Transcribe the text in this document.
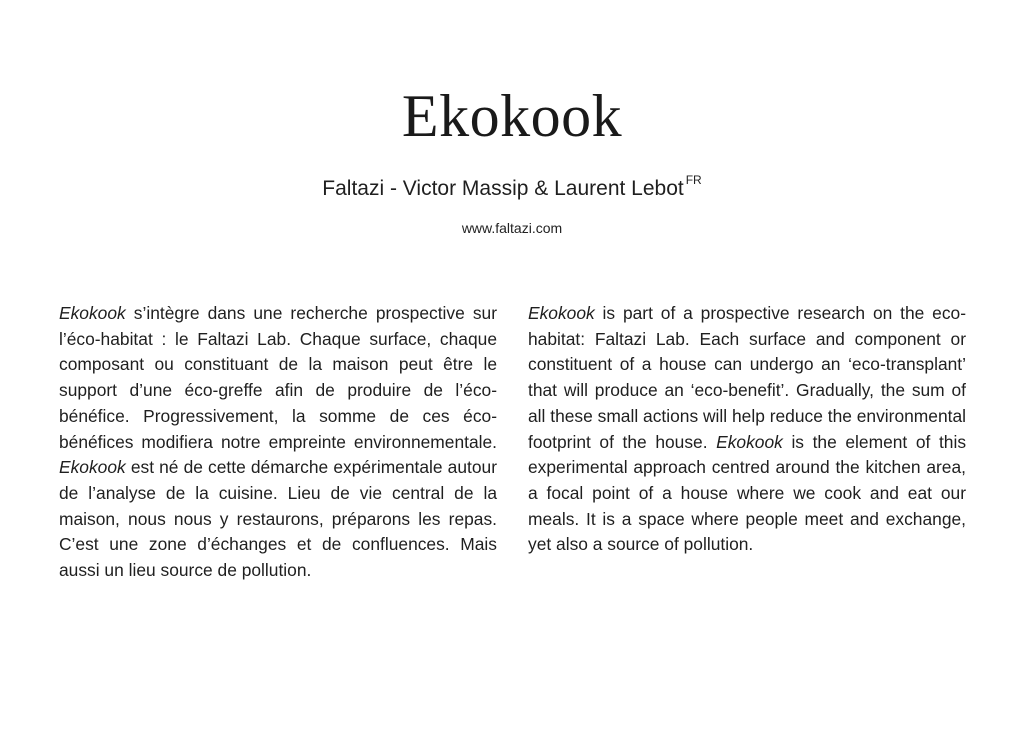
Ekokook
Faltazi - Victor Massip & Laurent Lebot $^{FR}$
www.faltazi.com

Ekokook s’intègre dans une recherche prospective sur l’éco-habitat : le Faltazi Lab. Chaque surface, chaque composant ou constituant de la maison peut être le support d’une éco-greffe afin de produire de l’éco-bénéfice. Progressivement, la somme de ces éco-bénéfices modifiera notre empreinte environnementale. Ekokook est né de cette démarche expérimentale autour de l’analyse de la cuisine. Lieu de vie central de la maison, nous nous y restaurons, préparons les repas. C’est une zone d’échanges et de confluences. Mais aussi un lieu source de pollution.

Ekokook is part of a prospective research on the eco-habitat: Faltazi Lab. Each surface and component or constituent of a house can undergo an ‘eco-transplant’ that will produce an ‘eco-benefit’. Gradually, the sum of all these small actions will help reduce the environmental footprint of the house. Ekokook is the element of this experimental approach centred around the kitchen area, a focal point of a house where we cook and eat our meals. It is a space where people meet and exchange, yet also a source of pollution.
